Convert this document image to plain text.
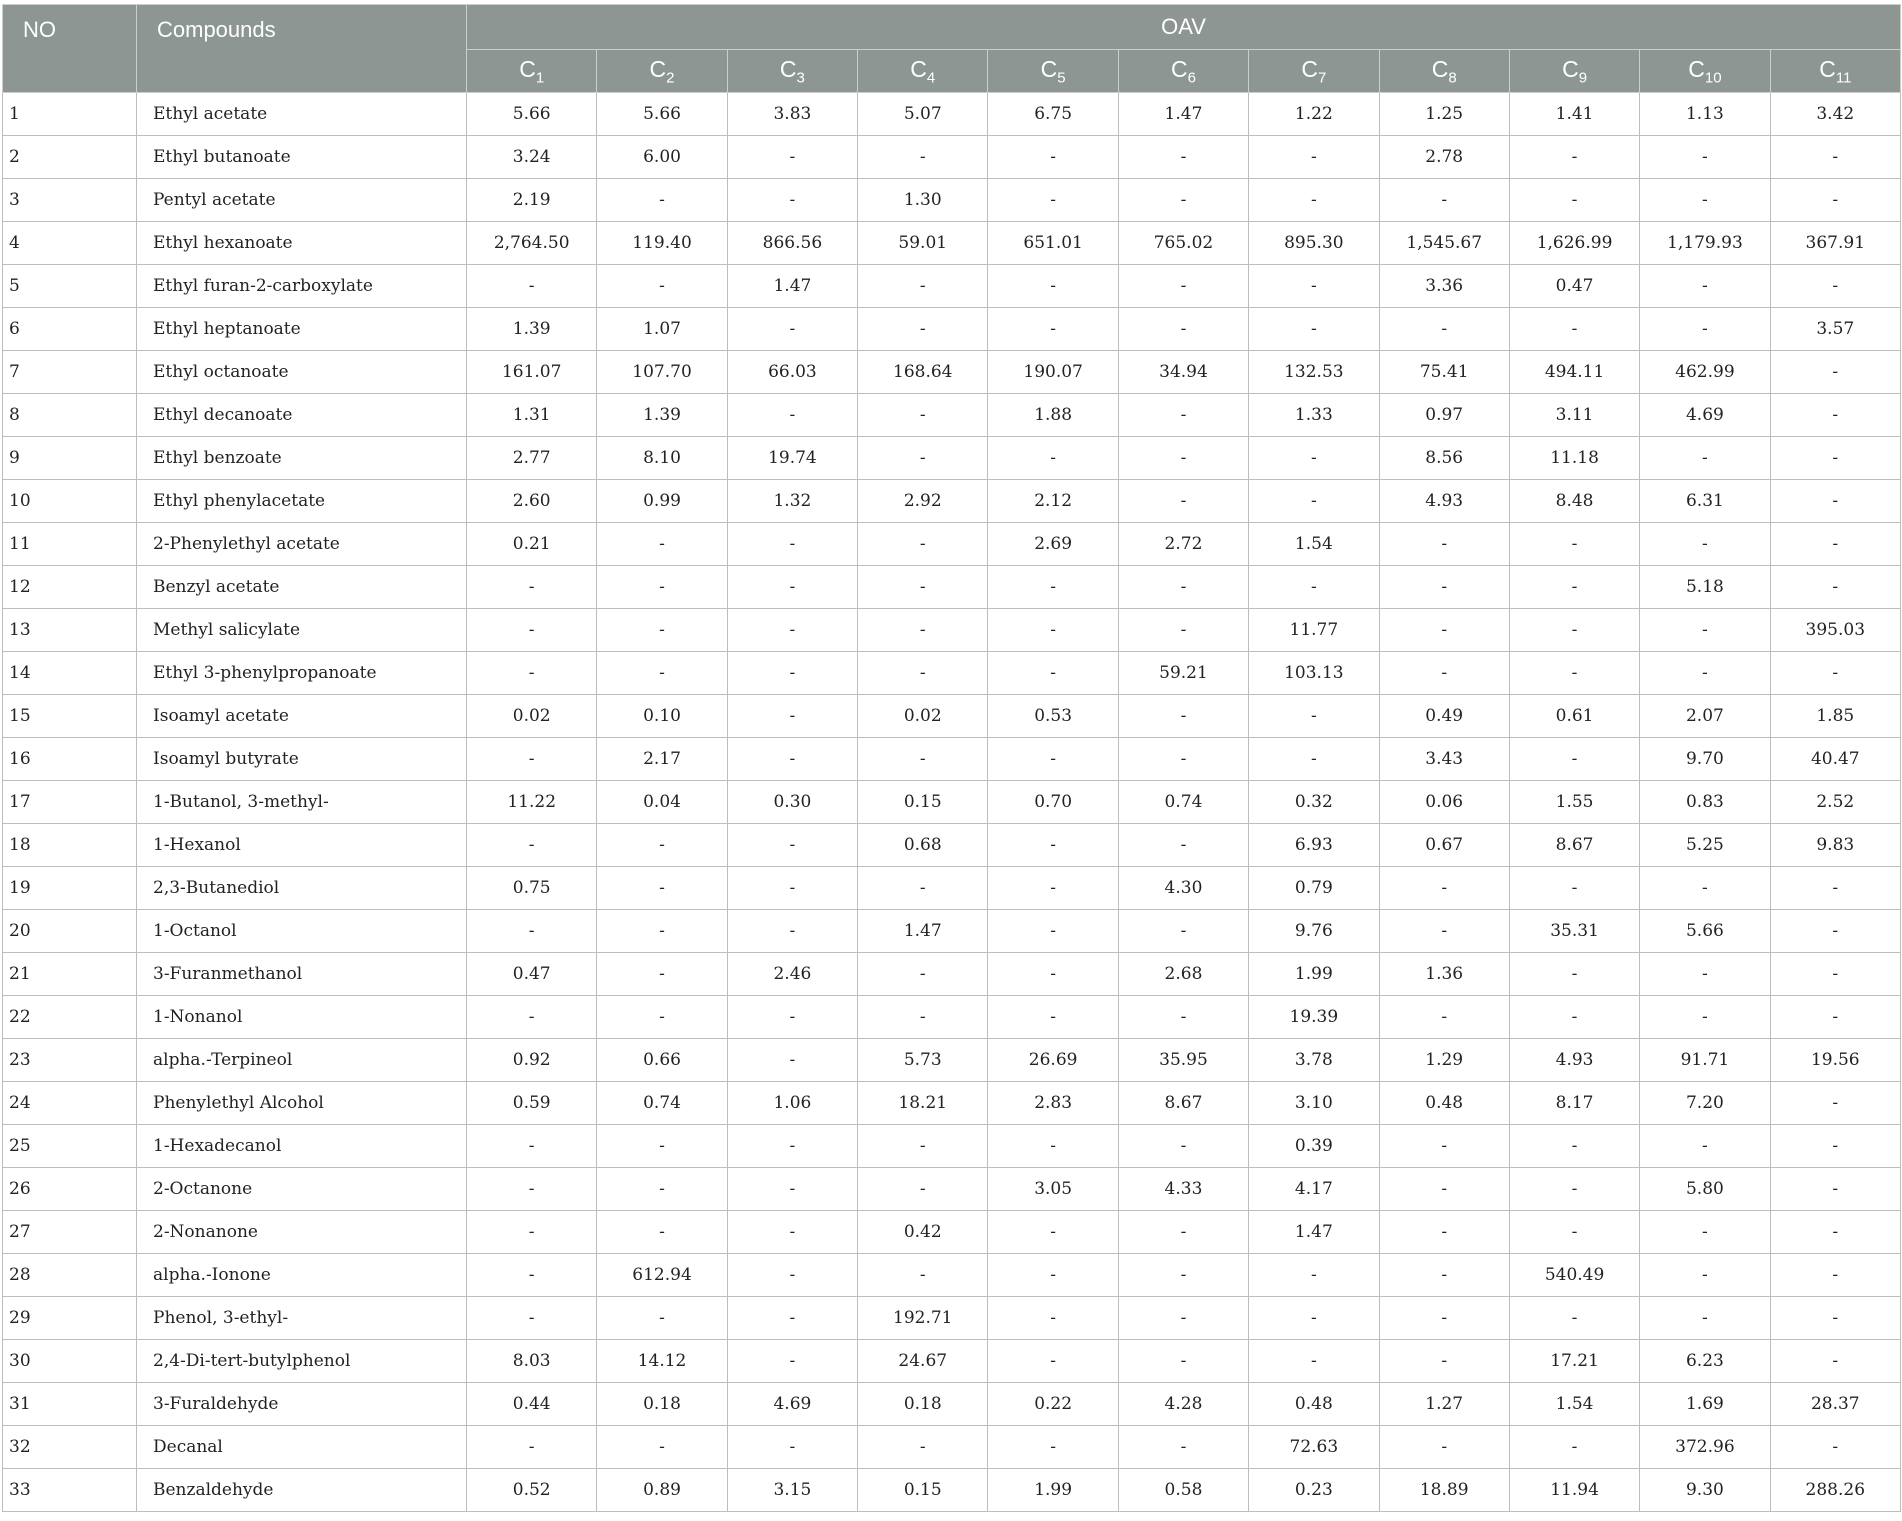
NO	Compounds	OAV										
		$C_1$	$C_2$	$C_3$	$C_4$	$C_5$	$C_6$	$C_7$	$C_8$	$C_9$	$C_{10}$	$C_{11}$
1	Ethyl acetate	5.66	5.66	3.83	5.07	6.75	1.47	1.22	1.25	1.41	1.13	3.42
2	Ethyl butanoate	3.24	6.00	-	-	-	-	-	2.78	-	-	-
3	Pentyl acetate	2.19	-	-	1.30	-	-	-	-	-	-	-
4	Ethyl hexanoate	2,764.50	119.40	866.56	59.01	651.01	765.02	895.30	1,545.67	1,626.99	1,179.93	367.91
5	Ethyl furan-2-carboxylate	-	-	1.47	-	-	-	-	3.36	0.47	-	-
6	Ethyl heptanoate	1.39	1.07	-	-	-	-	-	-	-	-	3.57
7	Ethyl octanoate	161.07	107.70	66.03	168.64	190.07	34.94	132.53	75.41	494.11	462.99	-
8	Ethyl decanoate	1.31	1.39	-	-	1.88	-	1.33	0.97	3.11	4.69	-
9	Ethyl benzoate	2.77	8.10	19.74	-	-	-	-	8.56	11.18	-	-
10	Ethyl phenylacetate	2.60	0.99	1.32	2.92	2.12	-	-	4.93	8.48	6.31	-
11	2-Phenylethyl acetate	0.21	-	-	-	2.69	2.72	1.54	-	-	-	-
12	Benzyl acetate	-	-	-	-	-	-	-	-	-	5.18	-
13	Methyl salicylate	-	-	-	-	-	-	11.77	-	-	-	395.03
14	Ethyl 3-phenylpropanoate	-	-	-	-	-	59.21	103.13	-	-	-	-
15	Isoamyl acetate	0.02	0.10	-	0.02	0.53	-	-	0.49	0.61	2.07	1.85
16	Isoamyl butyrate	-	2.17	-	-	-	-	-	3.43	-	9.70	40.47
17	1-Butanol, 3-methyl-	11.22	0.04	0.30	0.15	0.70	0.74	0.32	0.06	1.55	0.83	2.52
18	1-Hexanol	-	-	-	0.68	-	-	6.93	0.67	8.67	5.25	9.83
19	2,3-Butanediol	0.75	-	-	-	-	4.30	0.79	-	-	-	-
20	1-Octanol	-	-	-	1.47	-	-	9.76	-	35.31	5.66	-
21	3-Furanmethanol	0.47	-	2.46	-	-	2.68	1.99	1.36	-	-	-
22	1-Nonanol	-	-	-	-	-	-	19.39	-	-	-	-
23	alpha.-Terpineol	0.92	0.66	-	5.73	26.69	35.95	3.78	1.29	4.93	91.71	19.56
24	Phenylethyl Alcohol	0.59	0.74	1.06	18.21	2.83	8.67	3.10	0.48	8.17	7.20	-
25	1-Hexadecanol	-	-	-	-	-	-	0.39	-	-	-	-
26	2-Octanone	-	-	-	-	3.05	4.33	4.17	-	-	5.80	-
27	2-Nonanone	-	-	-	0.42	-	-	1.47	-	-	-	-
28	alpha.-Ionone	-	612.94	-	-	-	-	-	-	540.49	-	-
29	Phenol, 3-ethyl-	-	-	-	192.71	-	-	-	-	-	-	-
30	2,4-Di-tert-butylphenol	8.03	14.12	-	24.67	-	-	-	-	17.21	6.23	-
31	3-Furaldehyde	0.44	0.18	4.69	0.18	0.22	4.28	0.48	1.27	1.54	1.69	28.37
32	Decanal	-	-	-	-	-	-	72.63	-	-	372.96	-
33	Benzaldehyde	0.52	0.89	3.15	0.15	1.99	0.58	0.23	18.89	11.94	9.30	288.26
